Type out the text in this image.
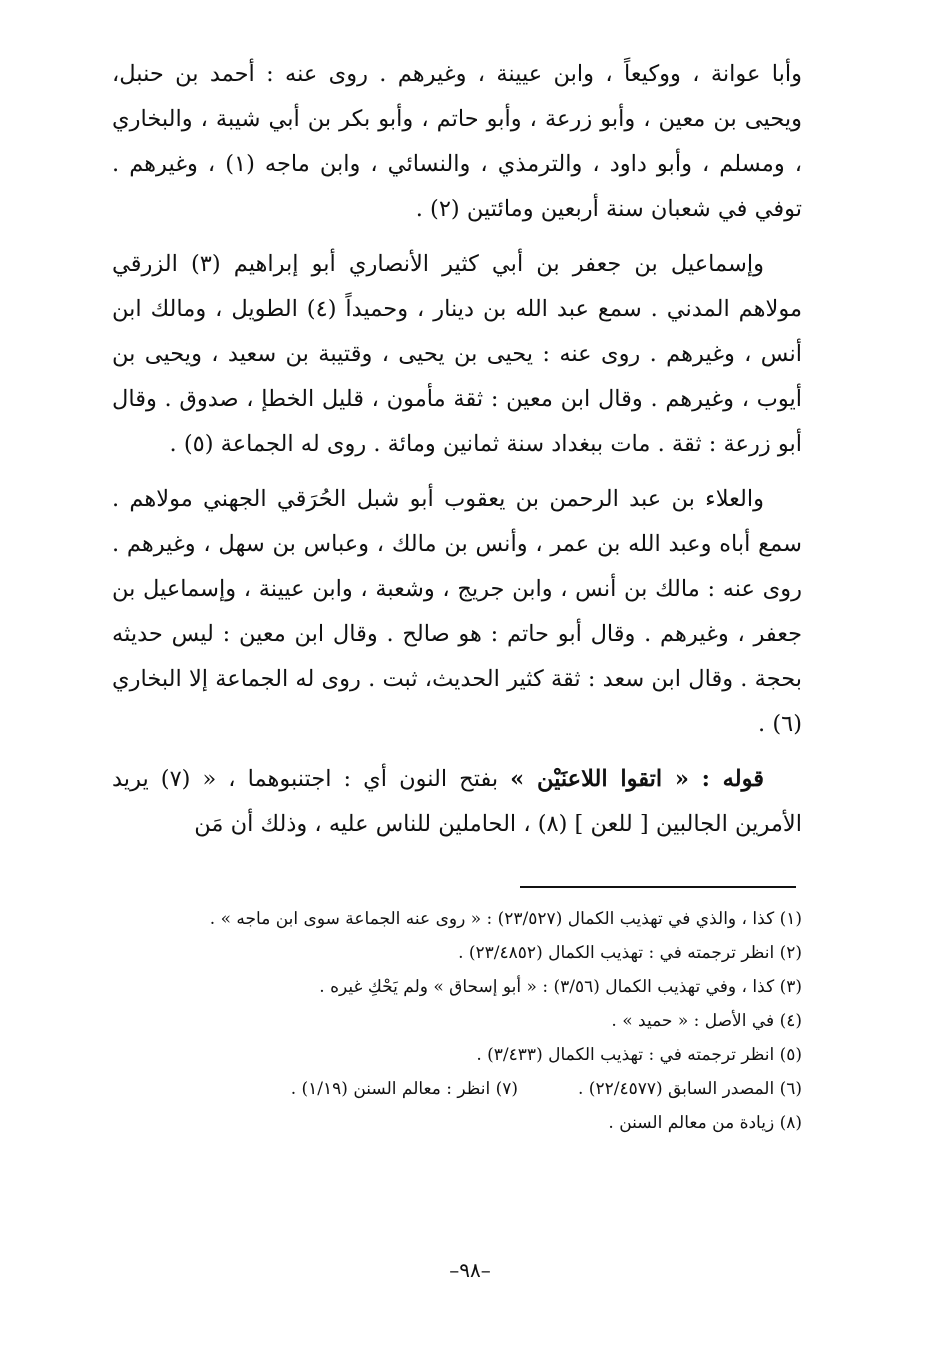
وأبا عوانة ، ووكيعاً ، وابن عيينة ، وغيرهم . روى عنه : أحمد بن حنبل، ويحيى بن معين ، وأبو زرعة ، وأبو حاتم ، وأبو بكر بن أبي شيبة ، والبخاري ، ومسلم ، وأبو داود ، والترمذي ، والنسائي ، وابن ماجه (١) ، وغيرهم . توفي في شعبان سنة أربعين ومائتين (٢) .

وإسماعيل بن جعفر بن أبي كثير الأنصاري أبو إبراهيم (٣) الزرقي مولاهم المدني . سمع عبد الله بن دينار ، وحميداً (٤) الطويل ، ومالك ابن أنس ، وغيرهم . روى عنه : يحيى بن يحيى ، وقتيبة بن سعيد ، ويحيى بن أيوب ، وغيرهم . وقال ابن معين : ثقة مأمون ، قليل الخطإ ، صدوق . وقال أبو زرعة : ثقة . مات ببغداد سنة ثمانين ومائة . روى له الجماعة (٥) .

والعلاء بن عبد الرحمن بن يعقوب أبو شبل الحُرَقي الجهني مولاهم . سمع أباه وعبد الله بن عمر ، وأنس بن مالك ، وعباس بن سهل ، وغيرهم . روى عنه : مالك بن أنس ، وابن جريج ، وشعبة ، وابن عيينة ، وإسماعيل بن جعفر ، وغيرهم . وقال أبو حاتم : هو صالح . وقال ابن معين : ليس حديثه بحجة . وقال ابن سعد : ثقة كثير الحديث، ثبت . روى له الجماعة إلا البخاري (٦) .

قوله : « اتقوا اللاعنَيْن » بفتح النون أي : اجتنبوهما ، « (٧) يريد الأمرين الجالبين [ للعن ] (٨) ، الحاملين للناس عليه ، وذلك أن مَن

(١) كذا ، والذي في تهذيب الكمال (٢٣/٥٢٧) : « روى عنه الجماعة سوى ابن ماجه » .

(٢) انظر ترجمته في : تهذيب الكمال (٢٣/٤٨٥٢) .

(٣) كذا ، وفي تهذيب الكمال (٣/٥٦) : « أبو إسحاق » ولم يَحْكِ غيره .

(٤) في الأصل : « حميد » .

(٥) انظر ترجمته في : تهذيب الكمال (٣/٤٣٣) .

(٦) المصدر السابق (٢٢/٤٥٧٧) .
(٧) انظر : معالم السنن (١/١٩) .

(٨) زيادة من معالم السنن .

–٩٨–
